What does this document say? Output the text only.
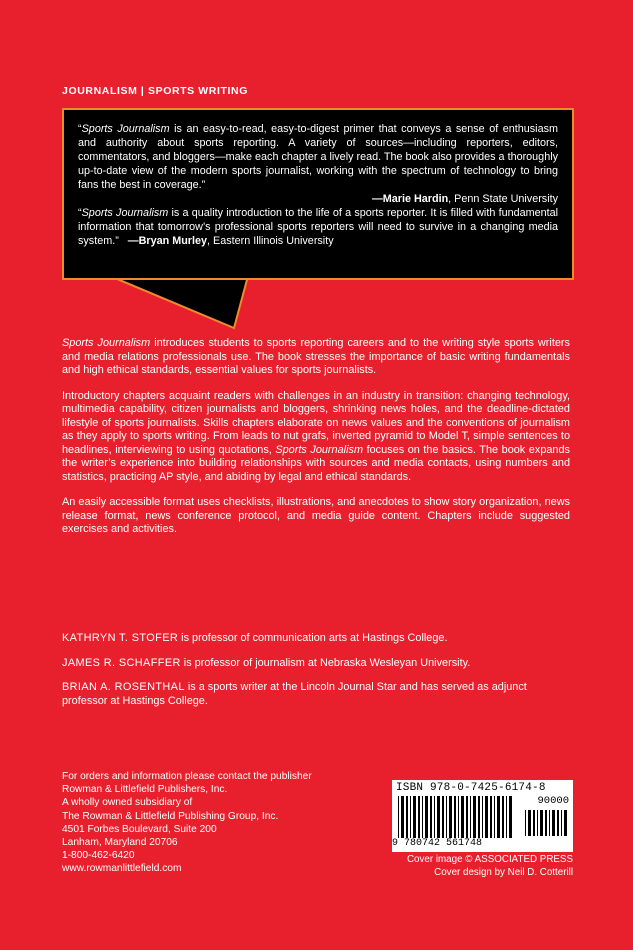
JOURNALISM | SPORTS WRITING

“Sports Journalism is an easy-to-read, easy-to-digest primer that conveys a sense of enthusiasm and authority about sports reporting. A variety of sources—including reporters, editors, commentators, and bloggers—make each chapter a lively read. The book also provides a thoroughly up-to-date view of the modern sports journalist, working with the spectrum of technology to bring fans the best in coverage.”

—Marie Hardin, Penn State University

“Sports Journalism is a quality introduction to the life of a sports reporter. It is filled with fundamental information that tomorrow’s professional sports reporters will need to survive in a changing media system.” —Bryan Murley, Eastern Illinois University

Sports Journalism introduces students to sports reporting careers and to the writing style sports writers and media relations professionals use. The book stresses the importance of basic writing fundamentals and high ethical standards, essential values for sports journalists.

Introductory chapters acquaint readers with challenges in an industry in transition: changing technology, multimedia capability, citizen journalists and bloggers, shrinking news holes, and the deadline-dictated lifestyle of sports journalists. Skills chapters elaborate on news values and the conventions of journalism as they apply to sports writing. From leads to nut grafs, inverted pyramid to Model T, simple sentences to headlines, interviewing to using quotations, Sports Journalism focuses on the basics. The book expands the writer’s experience into building relationships with sources and media contacts, using numbers and statistics, practicing AP style, and abiding by legal and ethical standards.

An easily accessible format uses checklists, illustrations, and anecdotes to show story organization, news release format, news conference protocol, and media guide content. Chapters include suggested exercises and activities.

KATHRYN T. STOFER is professor of communication arts at Hastings College.

JAMES R. SCHAFFER is professor of journalism at Nebraska Wesleyan University.

BRIAN A. ROSENTHAL is a sports writer at the Lincoln Journal Star and has served as adjunct professor at Hastings College.

For orders and information please contact the publisher
Rowman & Littlefield Publishers, Inc.
A wholly owned subsidiary of
The Rowman & Littlefield Publishing Group, Inc.
4501 Forbes Boulevard, Suite 200
Lanham, Maryland 20706
1-800-462-6420
www.rowmanlittlefield.com
ISBN 978-0-7425-6174-8
90000
9 780742 561748
Cover image © ASSOCIATED PRESS
Cover design by Neil D. Cotterill
